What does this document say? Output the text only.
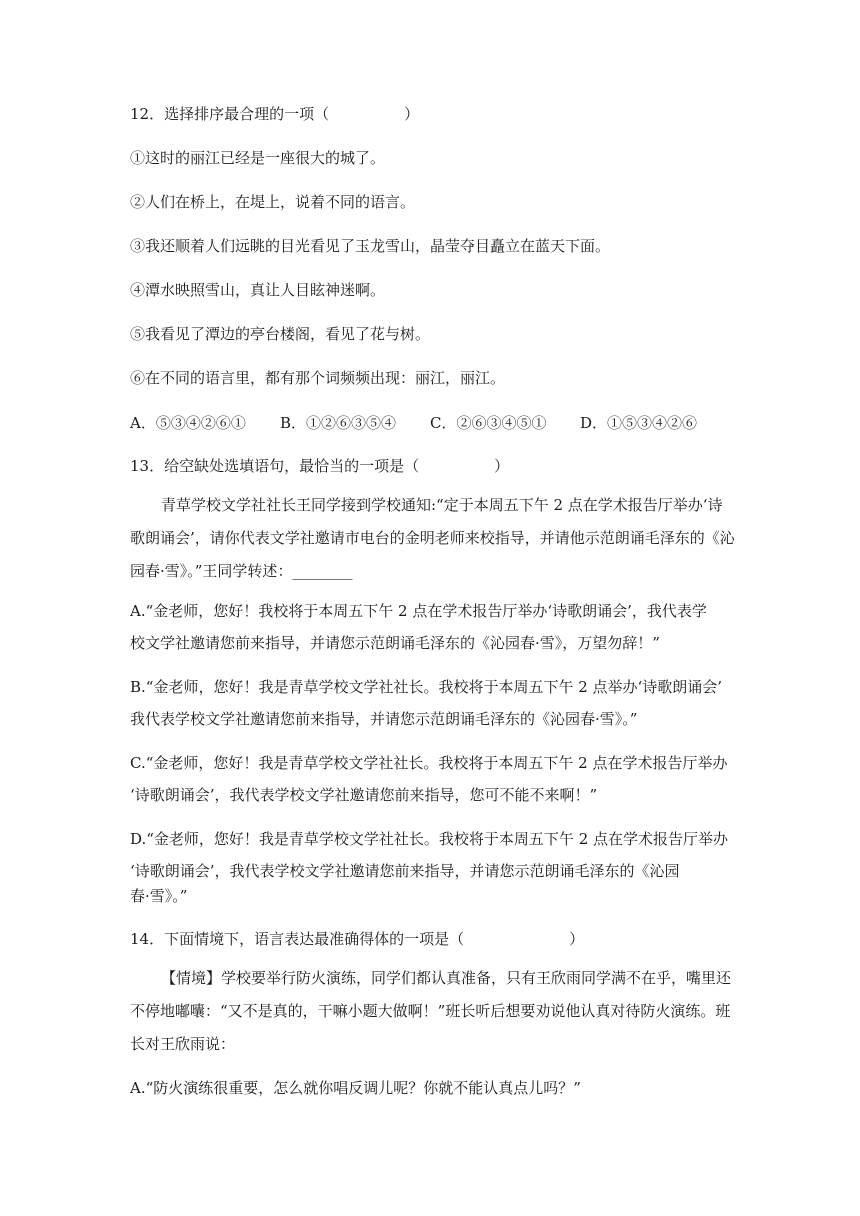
12．选择排序最合理的一项（　　　　　）
①这时的丽江已经是一座很大的城了。
②人们在桥上，在堤上，说着不同的语言。
③我还顺着人们远眺的目光看见了玉龙雪山，晶莹夺目矗立在蓝天下面。
④潭水映照雪山，真让人目眩神迷啊。
⑤我看见了潭边的亭台楼阁，看见了花与树。
⑥在不同的语言里，都有那个词频频出现：丽江，丽江。
A．⑤③④②⑥①	B．①②⑥③⑤④	C．②⑥③④⑤①	D．①⑤③④②⑥
13．给空缺处选填语句，最恰当的一项是（　　　　　）
青草学校文学社社长王同学接到学校通知:“定于本周五下午 2 点在学术报告厅举办‘诗
歌朗诵会’，请你代表文学社邀请市电台的金明老师来校指导，并请他示范朗诵毛泽东的《沁
园春·雪》。”王同学转述：________
A.“金老师，您好！我校将于本周五下午 2 点在学术报告厅举办‘诗歌朗诵会’，我代表学
校文学社邀请您前来指导，并请您示范朗诵毛泽东的《沁园春·雪》，万望勿辞！”
B.“金老师，您好！我是青草学校文学社社长。我校将于本周五下午 2 点举办‘诗歌朗诵会’
我代表学校文学社邀请您前来指导，并请您示范朗诵毛泽东的《沁园春·雪》。”
C.“金老师，您好！我是青草学校文学社社长。我校将于本周五下午 2 点在学术报告厅举办
‘诗歌朗诵会’，我代表学校文学社邀请您前来指导，您可不能不来啊！”
D.“金老师，您好！我是青草学校文学社社长。我校将于本周五下午 2 点在学术报告厅举办
‘诗歌朗诵会’，我代表学校文学社邀请您前来指导，并请您示范朗诵毛泽东的《沁园
春·雪》。”
14．下面情境下，语言表达最准确得体的一项是（　　　　　　　）
【情境】学校要举行防火演练，同学们都认真准备，只有王欣雨同学满不在乎，嘴里还
不停地嘟囔：“又不是真的，干嘛小题大做啊！”班长听后想要劝说他认真对待防火演练。班
长对王欣雨说：
A.“防火演练很重要，怎么就你唱反调儿呢？你就不能认真点儿吗？”
